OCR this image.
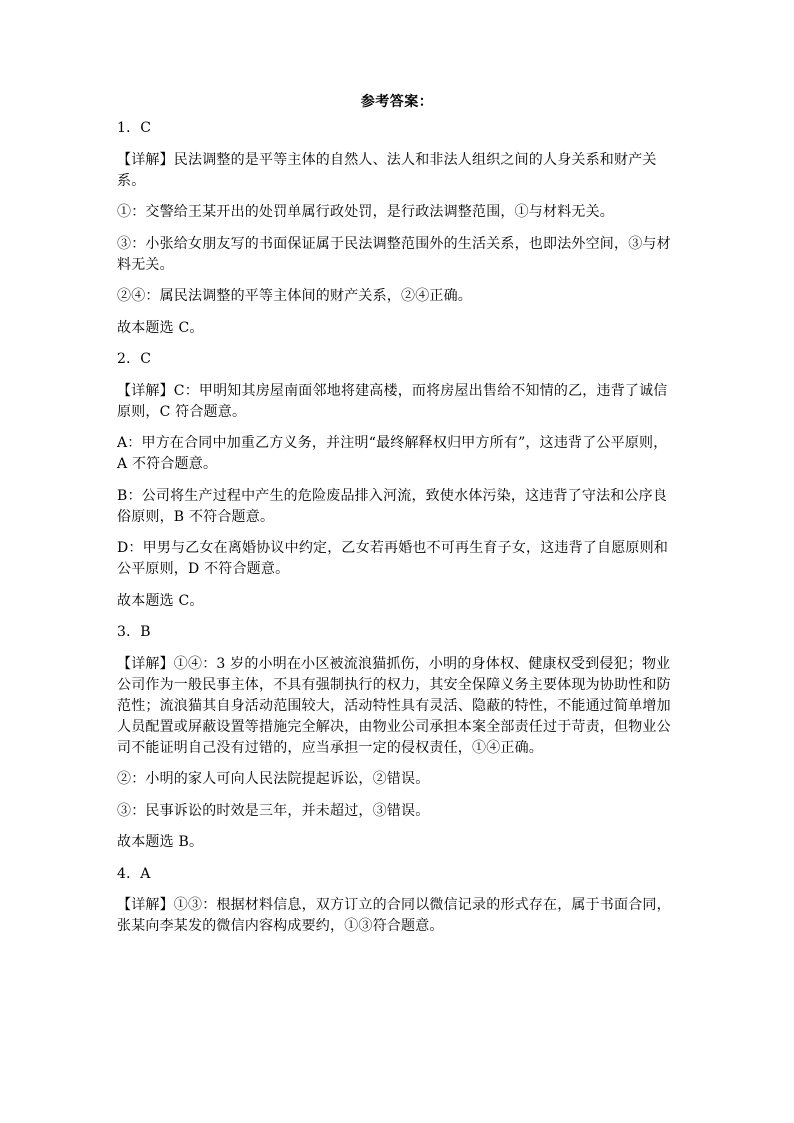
参考答案：
1．C
【详解】民法调整的是平等主体的自然人、法人和非法人组织之间的人身关系和财产关系。
①：交警给王某开出的处罚单属行政处罚，是行政法调整范围，①与材料无关。
③：小张给女朋友写的书面保证属于民法调整范围外的生活关系，也即法外空间，③与材料无关。
②④：属民法调整的平等主体间的财产关系，②④正确。
故本题选 C。
2．C
【详解】C：甲明知其房屋南面邻地将建高楼，而将房屋出售给不知情的乙，违背了诚信原则，C 符合题意。
A：甲方在合同中加重乙方义务，并注明“最终解释权归甲方所有”，这违背了公平原则，A 不符合题意。
B：公司将生产过程中产生的危险废品排入河流，致使水体污染，这违背了守法和公序良俗原则，B 不符合题意。
D：甲男与乙女在离婚协议中约定，乙女若再婚也不可再生育子女，这违背了自愿原则和公平原则，D 不符合题意。
故本题选 C。
3．B
【详解】①④：3 岁的小明在小区被流浪猫抓伤，小明的身体权、健康权受到侵犯；物业公司作为一般民事主体，不具有强制执行的权力，其安全保障义务主要体现为协助性和防范性；流浪猫其自身活动范围较大，活动特性具有灵活、隐蔽的特性，不能通过简单增加人员配置或屏蔽设置等措施完全解决，由物业公司承担本案全部责任过于苛责，但物业公司不能证明自己没有过错的，应当承担一定的侵权责任，①④正确。
②：小明的家人可向人民法院提起诉讼，②错误。
③：民事诉讼的时效是三年，并未超过，③错误。
故本题选 B。
4．A
【详解】①③：根据材料信息，双方订立的合同以微信记录的形式存在，属于书面合同，张某向李某发的微信内容构成要约，①③符合题意。
